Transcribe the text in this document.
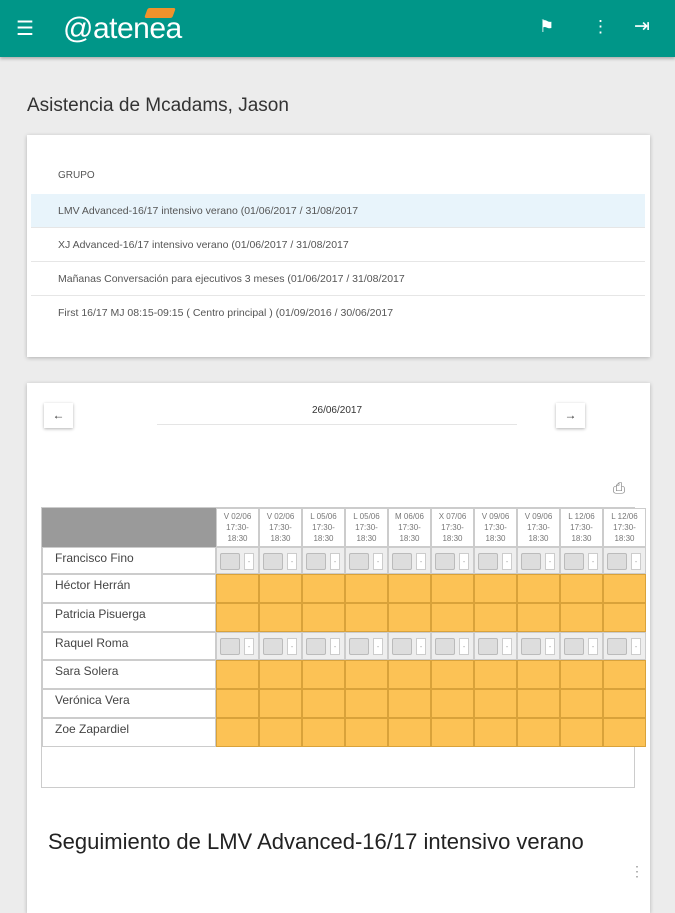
☰ @atenea	⚑ ⋮ ⇥
Asistencia de Mcadams, Jason
GRUPO
LMV Advanced-16/17 intensivo verano (01/06/2017 / 31/08/2017
XJ Advanced-16/17 intensivo verano (01/06/2017 / 31/08/2017
Mañanas Conversación para ejecutivos 3 meses (01/06/2017 / 31/08/2017
First 16/17 MJ 08:15-09:15 ( Centro principal ) (01/09/2016 / 30/06/2017
←	26/06/2017	→
⎙
V 02/06
17:30-
18:30
V 02/06
17:30-
18:30
L 05/06
17:30-
18:30
L 05/06
17:30-
18:30
M 06/06
17:30-
18:30
X 07/06
17:30-
18:30
V 09/06
17:30-
18:30
V 09/06
17:30-
18:30
L 12/06
17:30-
18:30
L 12/06
17:30-
18:30
Francisco Fino	-	-	-	-	-	-	-	-	-	-
Héctor Herrán
Patricia Pisuerga
Raquel Roma	-	-	-	-	-	-	-	-	-	-
Sara Solera
Verónica Vera
Zoe Zapardiel
Seguimiento de LMV Advanced-16/17 intensivo verano
⋮
